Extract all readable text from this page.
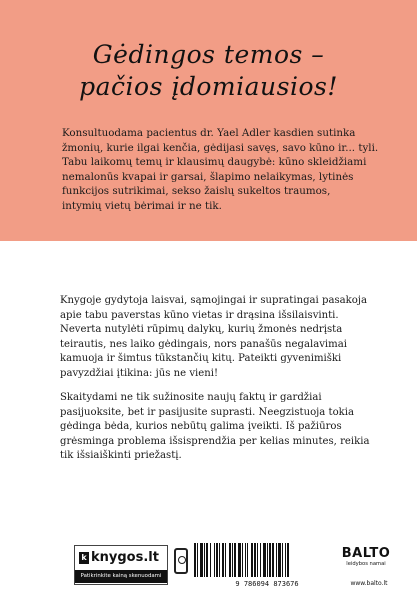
Gėdingos temos –
pačios įdomiausios!
Konsultuodama pacientus dr. Yael Adler kasdien sutinka
žmonių, kurie ilgai kenčia, gėdijasi savęs, savo kūno ir... tyli.
Tabu laikomų temų ir klausimų daugybė: kūno skleidžiami
nemalonūs kvapai ir garsai, šlapimo nelaikymas, lytinės
funkcijos sutrikimai, sekso žaislų sukeltos traumos,
intymių vietų bėrimai ir ne tik.
Knygoje gydytoja laisvai, sąmojingai ir supratingai pasakoja
apie tabu paverstas kūno vietas ir drąsina išsilaisvinti.
Neverta nutylėti rūpimų dalykų, kurių žmonės nedrįsta
teirautis, nes laiko gėdingais, nors panašūs negalavimai
kamuoja ir šimtus tūkstančių kitų. Pateikti gyvenimiški
pavyzdžiai įtikina: jūs ne vieni!
Skaitydami ne tik sužinosite naujų faktų ir gardžiai
pasijuoksite, bet ir pasijusite suprasti. Neegzistuoja tokia
gėdinga bėda, kurios nebūtų galima įveikti. Iš pažiūros
grėsminga problema išsisprendžia per kelias minutes, reikia
tik išsiaiškinti priežastį.
k knygos.lt
Patikrinkite kainą skenuodami
9 786094 873676
BALTO
leidybos namai
www.balto.lt
